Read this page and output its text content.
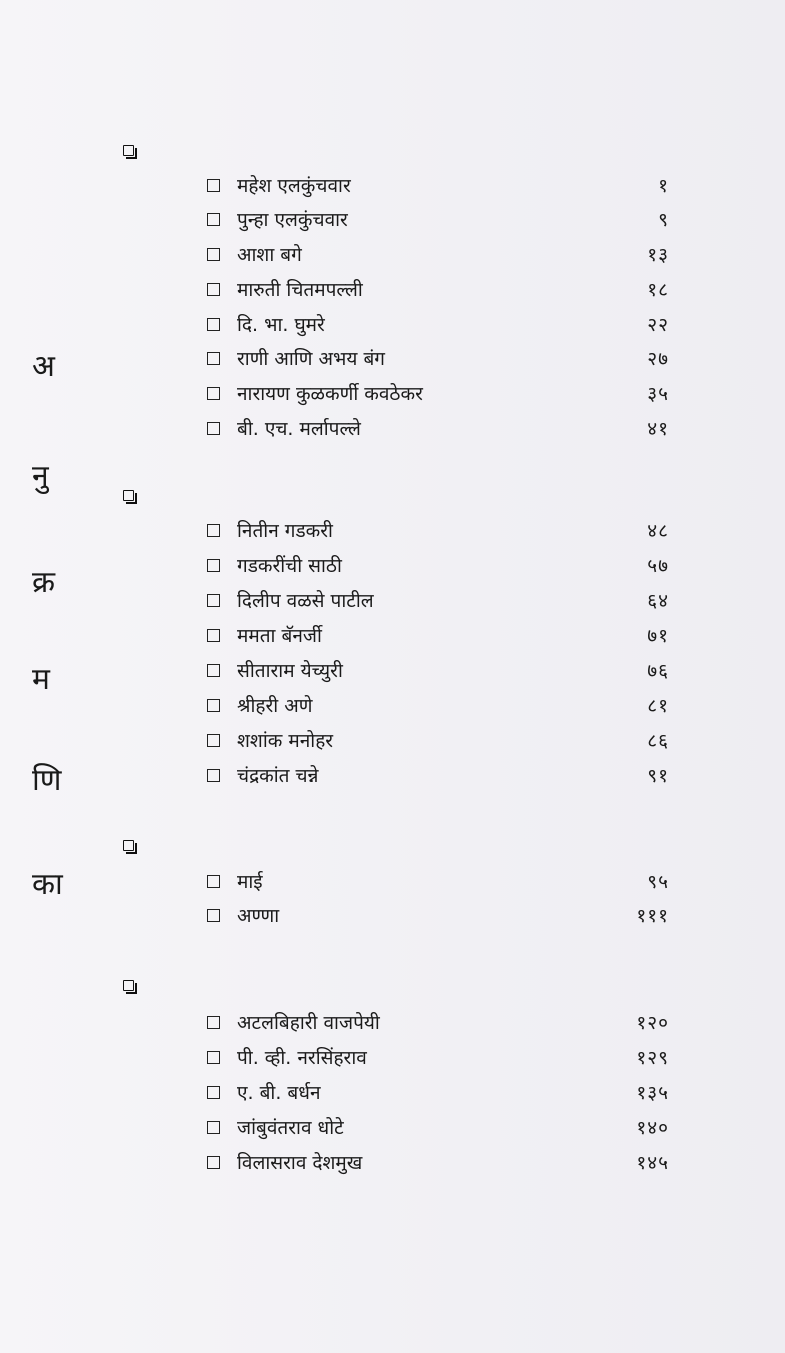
अ
नु
क्र
म
णि
का
महेश एलकुंचवार	१
पुन्हा एलकुंचवार	९
आशा बगे	१३
मारुती चितमपल्ली	१८
दि. भा. घुमरे	२२
राणी आणि अभय बंग	२७
नारायण कुळकर्णी कवठेकर	३५
बी. एच. मर्लापल्ले	४१
नितीन गडकरी	४८
गडकरींची साठी	५७
दिलीप वळसे पाटील	६४
ममता बॅनर्जी	७१
सीताराम येच्युरी	७६
श्रीहरी अणे	८१
शशांक मनोहर	८६
चंद्रकांत चन्ने	९१
माई	९५
अण्णा	१११
अटलबिहारी वाजपेयी	१२०
पी. व्ही. नरसिंहराव	१२९
ए. बी. बर्धन	१३५
जांबुवंतराव धोटे	१४०
विलासराव देशमुख	१४५
